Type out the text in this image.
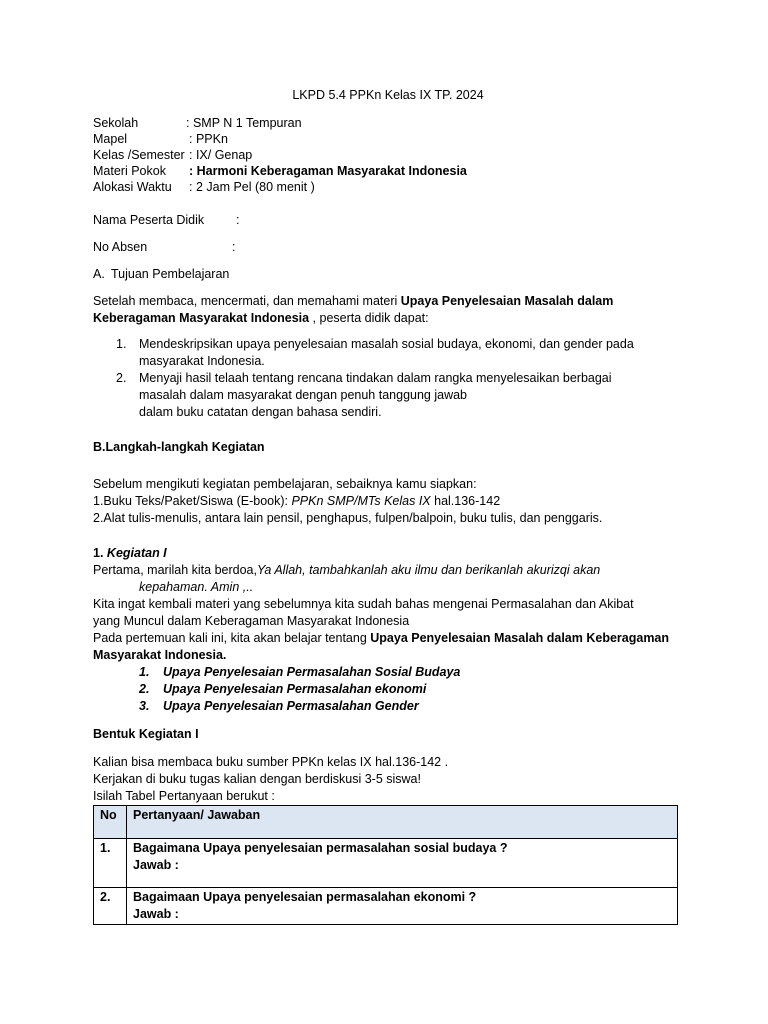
LKPD 5.4 PPKn Kelas IX TP. 2024
Sekolah	: SMP N 1 Tempuran
Mapel	: PPKn
Kelas /Semester : IX/ Genap
Materi Pokok	: Harmoni Keberagaman Masyarakat Indonesia
Alokasi Waktu	: 2 Jam Pel (80 menit )
Nama Peserta Didik	:
No Absen	:
A. Tujuan Pembelajaran
Setelah membaca, mencermati, dan memahami materi Upaya Penyelesaian Masalah dalam Keberagaman Masyarakat Indonesia , peserta didik dapat:
1.	Mendeskripsikan upaya penyelesaian masalah sosial budaya, ekonomi, dan gender pada
masyarakat Indonesia.
2.	Menyaji hasil telaah tentang rencana tindakan dalam rangka menyelesaikan berbagai
masalah dalam masyarakat dengan penuh tanggung jawab
dalam buku catatan dengan bahasa sendiri.
B.Langkah-langkah Kegiatan
Sebelum mengikuti kegiatan pembelajaran, sebaiknya kamu siapkan:
1.Buku Teks/Paket/Siswa (E-book): PPKn SMP/MTs Kelas IX hal.136-142
2.Alat tulis-menulis, antara lain pensil, penghapus, fulpen/balpoin, buku tulis, dan penggaris.
1. Kegiatan I
Pertama, marilah kita berdoa,Ya Allah, tambahkanlah aku ilmu dan berikanlah akurizqi akan
kepahaman. Amin ,..
Kita ingat kembali materi yang sebelumnya kita sudah bahas mengenai Permasalahan dan Akibat
yang Muncul dalam Keberagaman Masyarakat Indonesia
Pada pertemuan kali ini, kita akan belajar tentang Upaya Penyelesaian Masalah dalam Keberagaman
Masyarakat Indonesia.
1.	Upaya Penyelesaian Permasalahan Sosial Budaya
2.	Upaya Penyelesaian Permasalahan ekonomi
3.	Upaya Penyelesaian Permasalahan Gender
Bentuk Kegiatan I
Kalian bisa membaca buku sumber PPKn kelas IX hal.136-142 .
Kerjakan di buku tugas kalian dengan berdiskusi 3-5 siswa!
Isilah Tabel Pertanyaan berukut :
No	Pertanyaan/ Jawaban
1.	Bagaimana Upaya penyelesaian permasalahan sosial budaya ?
Jawab :

2.	Bagaimaan Upaya penyelesaian permasalahan ekonomi ?
Jawab :
